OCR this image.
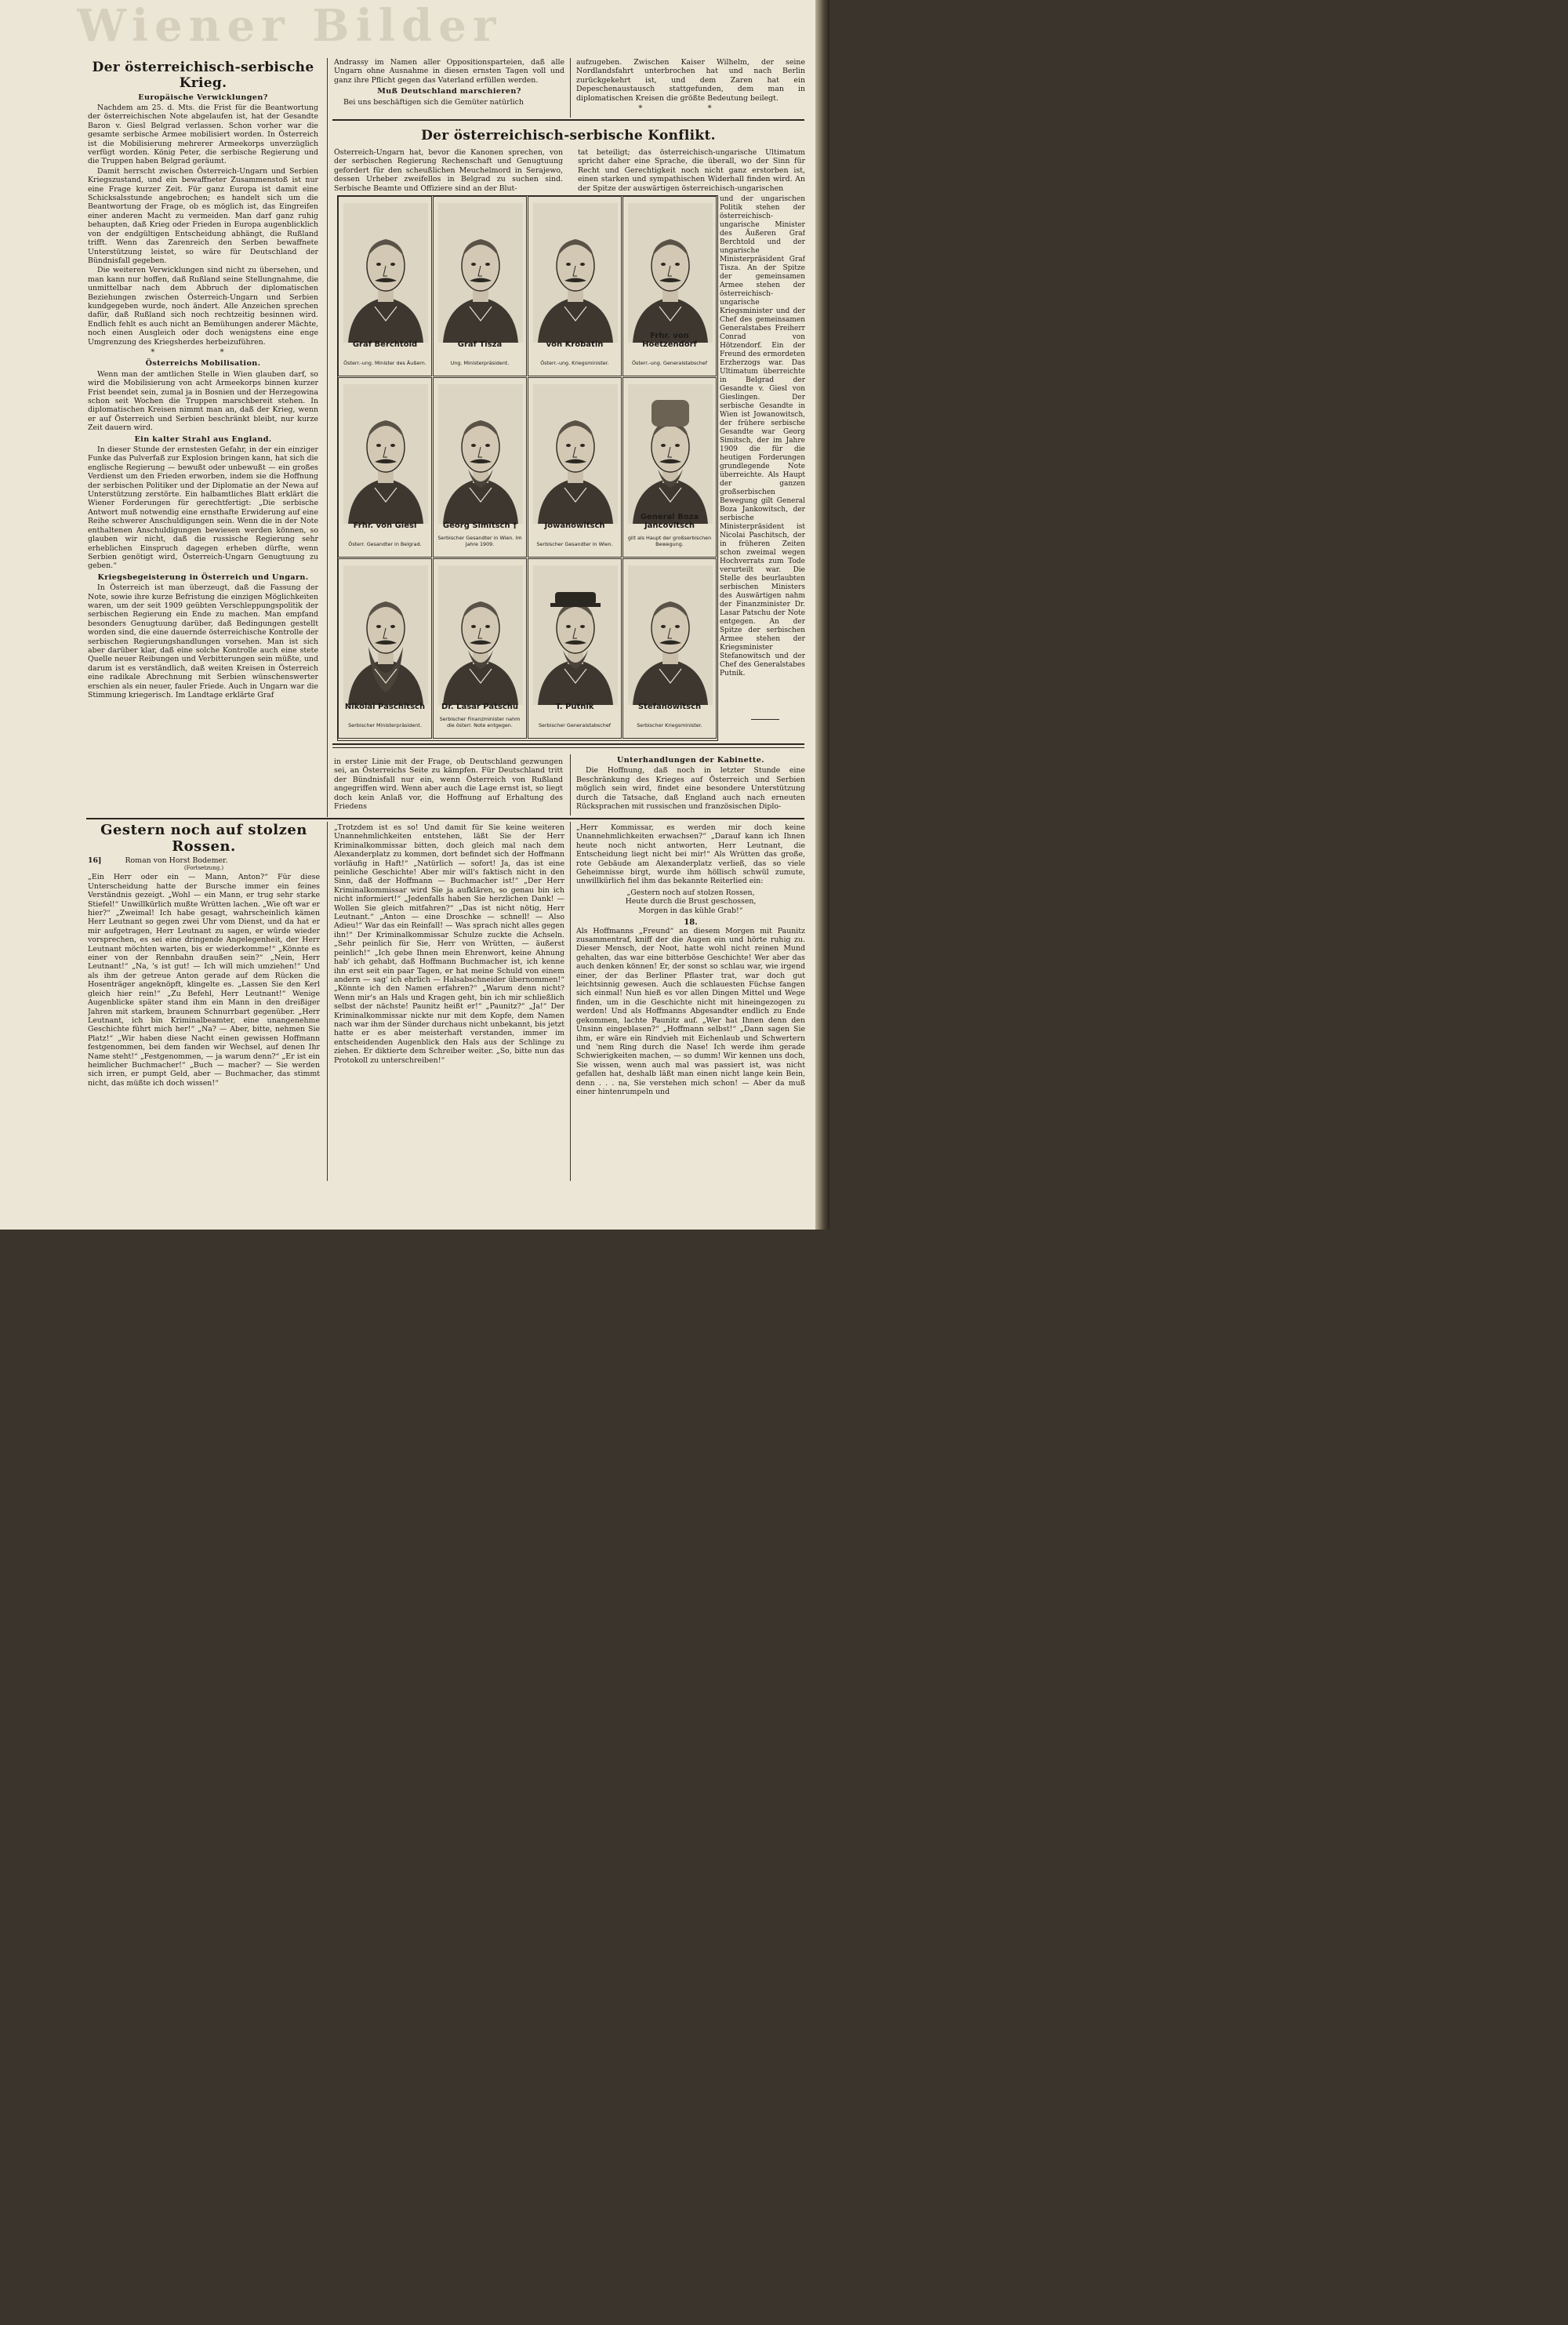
Wiener Bilder
Der österreichisch-serbische Krieg.
Europäische Verwicklungen?

Nachdem am 25. d. Mts. die Frist für die Beantwortung der österreichischen Note abgelaufen ist, hat der Gesandte Baron v. Giesl Belgrad verlassen. Schon vorher war die gesamte serbische Armee mobilisiert worden. In Österreich ist die Mobilisierung mehrerer Armeekorps unverzüglich verfügt worden. König Peter, die serbische Regierung und die Truppen haben Belgrad geräumt.

Damit herrscht zwischen Österreich-Ungarn und Serbien Kriegszustand, und ein bewaffneter Zusammenstoß ist nur eine Frage kurzer Zeit. Für ganz Europa ist damit eine Schicksalsstunde angebrochen; es handelt sich um die Beantwortung der Frage, ob es möglich ist, das Eingreifen einer anderen Macht zu vermeiden. Man darf ganz ruhig behaupten, daß Krieg oder Frieden in Europa augenblicklich von der endgültigen Entscheidung abhängt, die Rußland trifft. Wenn das Zarenreich den Serben bewaffnete Unterstützung leistet, so wäre für Deutschland der Bündnisfall gegeben.

Die weiteren Verwicklungen sind nicht zu übersehen, und man kann nur hoffen, daß Rußland seine Stellungnahme, die unmittelbar nach dem Abbruch der diplomatischen Beziehungen zwischen Österreich-Ungarn und Serbien kundgegeben wurde, noch ändert. Alle Anzeichen sprechen dafür, daß Rußland sich noch rechtzeitig besinnen wird. Endlich fehlt es auch nicht an Bemühungen anderer Mächte, noch einen Ausgleich oder doch wenigstens eine enge Umgrenzung des Kriegsherdes herbeizuführen.

* *
Österreichs Mobilisation.

Wenn man der amtlichen Stelle in Wien glauben darf, so wird die Mobilisierung von acht Armeekorps binnen kurzer Frist beendet sein, zumal ja in Bosnien und der Herzegowina schon seit Wochen die Truppen marschbereit stehen. In diplomatischen Kreisen nimmt man an, daß der Krieg, wenn er auf Österreich und Serbien beschränkt bleibt, nur kurze Zeit dauern wird.

Ein kalter Strahl aus England.

In dieser Stunde der ernstesten Gefahr, in der ein einziger Funke das Pulverfaß zur Explosion bringen kann, hat sich die englische Regierung — bewußt oder unbewußt — ein großes Verdienst um den Frieden erworben, indem sie die Hoffnung der serbischen Politiker und der Diplomatie an der Newa auf Unterstützung zerstörte. Ein halbamtliches Blatt erklärt die Wiener Forderungen für gerechtfertigt: „Die serbische Antwort muß notwendig eine ernsthafte Erwiderung auf eine Reihe schwerer Anschuldigungen sein. Wenn die in der Note enthaltenen Anschuldigungen bewiesen werden können, so glauben wir nicht, daß die russische Regierung sehr erheblichen Einspruch dagegen erheben dürfte, wenn Serbien genötigt wird, Österreich-Ungarn Genugtuung zu geben.“

Kriegsbegeisterung in Österreich und Ungarn.

In Österreich ist man überzeugt, daß die Fassung der Note, sowie ihre kurze Befristung die einzigen Möglichkeiten waren, um der seit 1909 geübten Verschleppungspolitik der serbischen Regierung ein Ende zu machen. Man empfand besonders Genugtuung darüber, daß Bedingungen gestellt worden sind, die eine dauernde österreichische Kontrolle der serbischen Regierungshandlungen vorsehen. Man ist sich aber darüber klar, daß eine solche Kontrolle auch eine stete Quelle neuer Reibungen und Verbitterungen sein müßte, und darum ist es verständlich, daß weiten Kreisen in Österreich eine radikale Abrechnung mit Serbien wünschenswerter erschien als ein neuer, fauler Friede. Auch in Ungarn war die Stimmung kriegerisch. Im Landtage erklärte Graf

Andrassy im Namen aller Oppositionsparteien, daß alle Ungarn ohne Ausnahme in diesen ernsten Tagen voll und ganz ihre Pflicht gegen das Vaterland erfüllen werden.

Muß Deutschland marschieren?

Bei uns beschäftigen sich die Gemüter natürlich

aufzugeben. Zwischen Kaiser Wilhelm, der seine Nordlandsfahrt unterbrochen hat und nach Berlin zurückgekehrt ist, und dem Zaren hat ein Depeschenaustausch stattgefunden, dem man in diplomatischen Kreisen die größte Bedeutung beilegt.

* *
Der österreichisch-serbische Konflikt.
Österreich-Ungarn hat, bevor die Kanonen sprechen, von der serbischen Regierung Rechenschaft und Genugtuung gefordert für den scheußlichen Meuchelmord in Serajewo, dessen Urheber zweifellos in Belgrad zu suchen sind. Serbische Beamte und Offiziere sind an der Blut-
tat beteiligt; das österreichisch-ungarische Ultimatum spricht daher eine Sprache, die überall, wo der Sinn für Recht und Gerechtigkeit noch nicht ganz erstorben ist, einen starken und sympathischen Widerhall finden wird. An der Spitze der auswärtigen österreichisch-ungarischen
und der ungarischen Politik stehen der österreichisch-ungarische Minister des Äußeren Graf Berchtold und der ungarische Ministerpräsident Graf Tisza. An der Spitze der gemeinsamen Armee stehen der österreichisch-ungarische Kriegsminister und der Chef des gemeinsamen Generalstabes Freiherr Conrad von Hötzendorf. Ein der Freund des ermordeten Erzherzogs war. Das Ultimatum überreichte in Belgrad der Gesandte v. Giesl von Gieslingen. Der serbische Gesandte in Wien ist Jowanowitsch, der frühere serbische Gesandte war Georg Simitsch, der im Jahre 1909 die für die heutigen Forderungen grundlegende Note überreichte. Als Haupt der ganzen großserbischen Bewegung gilt General Boza Jankowitsch, der serbische Ministerpräsident ist Nicolai Paschitsch, der in früheren Zeiten schon zweimal wegen Hochverrats zum Tode verurteilt war. Die Stelle des beurlaubten serbischen Ministers des Auswärtigen nahm der Finanzminister Dr. Lasar Patschu der Note entgegen. An der Spitze der serbischen Armee stehen der Kriegsminister Stefanowitsch und der Chef des Generalstabes Putnik.
Graf Berchtold
Österr.-ung. Minister des Äußern.
Graf Tisza
Ung. Ministerpräsident.
von Krobatin
Österr.-ung. Kriegsminister.
Frhr. von Hoetzendorf
Österr.-ung. Generalstabschef
Frhr. von Giesl
Österr. Gesandter in Belgrad.
Georg Simitsch †
Serbischer Gesandter in Wien. Im Jahre 1909.
Jowanowitsch
Serbischer Gesandter in Wien.
General Boza Jancovitsch
gilt als Haupt der großserbischen Bewegung.
Nikolai Paschitsch
Serbischer Ministerpräsident.
Dr. Lasar Patschu
Serbischer Finanzminister nahm die österr. Note entgegen.
T. Putnik
Serbischer Generalstabschef
Stefanowitsch
Serbischer Kriegsminister.
in erster Linie mit der Frage, ob Deutschland gezwungen sei, an Österreichs Seite zu kämpfen. Für Deutschland tritt der Bündnisfall nur ein, wenn Österreich von Rußland angegriffen wird. Wenn aber auch die Lage ernst ist, so liegt doch kein Anlaß vor, die Hoffnung auf Erhaltung des Friedens
Unterhandlungen der Kabinette.

Die Hoffnung, daß noch in letzter Stunde eine Beschränkung des Krieges auf Österreich und Serbien möglich sein wird, findet eine besondere Unterstützung durch die Tatsache, daß England auch nach erneuten Rücksprachen mit russischen und französischen Diplo-

Gestern noch auf stolzen Rossen.
16]	Roman von Horst Bodemer.
(Fortsetzung.)
„Ein Herr oder ein — Mann, Anton?“ Für diese Unterscheidung hatte der Bursche immer ein feines Verständnis gezeigt. „Wohl — ein Mann, er trug sehr starke Stiefel!“ Unwillkürlich mußte Wrütten lachen. „Wie oft war er hier?“ „Zweimal! Ich habe gesagt, wahrscheinlich kämen Herr Leutnant so gegen zwei Uhr vom Dienst, und da hat er mir aufgetragen, Herr Leutnant zu sagen, er würde wieder vorsprechen, es sei eine dringende Angelegenheit, der Herr Leutnant möchten warten, bis er wiederkomme!“ „Könnte es einer von der Rennbahn draußen sein?“ „Nein, Herr Leutnant!“ „Na, 's ist gut! — Ich will mich umziehen!“ Und als ihm der getreue Anton gerade auf dem Rücken die Hosenträger angeknöpft, klingelte es. „Lassen Sie den Kerl gleich hier rein!“ „Zu Befehl, Herr Leutnant!“ Wenige Augenblicke später stand ihm ein Mann in den dreißiger Jahren mit starkem, braunem Schnurrbart gegenüber. „Herr Leutnant, ich bin Kriminalbeamter, eine unangenehme Geschichte führt mich her!“ „Na? — Aber, bitte, nehmen Sie Platz!“ „Wir haben diese Nacht einen gewissen Hoffmann festgenommen, bei dem fanden wir Wechsel, auf denen Ihr Name steht!“ „Festgenommen, — ja warum denn?“ „Er ist ein heimlicher Buchmacher!“ „Buch — macher? — Sie werden sich irren, er pumpt Geld, aber — Buchmacher, das stimmt nicht, das müßte ich doch wissen!“
„Trotzdem ist es so! Und damit für Sie keine weiteren Unannehmlichkeiten entstehen, läßt Sie der Herr Kriminalkommissar bitten, doch gleich mal nach dem Alexanderplatz zu kommen, dort befindet sich der Hoffmann vorläufig in Haft!“ „Natürlich — sofort! Ja, das ist eine peinliche Geschichte! Aber mir will's faktisch nicht in den Sinn, daß der Hoffmann — Buchmacher ist!“ „Der Herr Kriminalkommissar wird Sie ja aufklären, so genau bin ich nicht informiert!“ „Jedenfalls haben Sie herzlichen Dank! — Wollen Sie gleich mitfahren?“ „Das ist nicht nötig, Herr Leutnant.“ „Anton — eine Droschke — schnell! — Also Adieu!“ War das ein Reinfall! — Was sprach nicht alles gegen ihn!“ Der Kriminalkommissar Schulze zuckte die Achseln. „Sehr peinlich für Sie, Herr von Wrütten, — äußerst peinlich!“ „Ich gebe Ihnen mein Ehrenwort, keine Ahnung hab' ich gehabt, daß Hoffmann Buchmacher ist, ich kenne ihn erst seit ein paar Tagen, er hat meine Schuld von einem andern — sag' ich ehrlich — Halsabschneider übernommen!“ „Könnte ich den Namen erfahren?“ „Warum denn nicht? Wenn mir's an Hals und Kragen geht, bin ich mir schließlich selbst der nächste! Paunitz heißt er!“ „Paunitz?“ „Ja!“ Der Kriminalkommissar nickte nur mit dem Kopfe, dem Namen nach war ihm der Sünder durchaus nicht unbekannt, bis jetzt hatte er es aber meisterhaft verstanden, immer im entscheidenden Augenblick den Hals aus der Schlinge zu ziehen. Er diktierte dem Schreiber weiter. „So, bitte nun das Protokoll zu unterschreiben!“
„Herr Kommissar, es werden mir doch keine Unannehmlichkeiten erwachsen?“ „Darauf kann ich Ihnen heute noch nicht antworten, Herr Leutnant, die Entscheidung liegt nicht bei mir!“ Als Wrütten das große, rote Gebäude am Alexanderplatz verließ, das so viele Geheimnisse birgt, wurde ihm höllisch schwül zumute, unwillkürlich fiel ihm das bekannte Reiterlied ein:
„Gestern noch auf stolzen Rossen,
Heute durch die Brust geschossen,
Morgen in das kühle Grab!“
18.
Als Hoffmanns „Freund“ an diesem Morgen mit Paunitz zusammentraf, kniff der die Augen ein und hörte ruhig zu. Dieser Mensch, der Noot, hatte wohl nicht reinen Mund gehalten, das war eine bitterböse Geschichte! Wer aber das auch denken können! Er, der sonst so schlau war, wie irgend einer, der das Berliner Pflaster trat, war doch gut leichtsinnig gewesen. Auch die schlauesten Füchse fangen sich einmal! Nun hieß es vor allen Dingen Mittel und Wege finden, um in die Geschichte nicht mit hineingezogen zu werden! Und als Hoffmanns Abgesandter endlich zu Ende gekommen, lachte Paunitz auf. „Wer hat Ihnen denn den Unsinn eingeblasen?“ „Hoffmann selbst!“ „Dann sagen Sie ihm, er wäre ein Rindvieh mit Eichenlaub und Schwertern und 'nem Ring durch die Nase! Ich werde ihm gerade Schwierigkeiten machen, — so dumm! Wir kennen uns doch, Sie wissen, wenn auch mal was passiert ist, was nicht gefallen hat, deshalb läßt man einen nicht lange kein Bein, denn . . . na, Sie verstehen mich schon! — Aber da muß einer hintenrumpeln und
